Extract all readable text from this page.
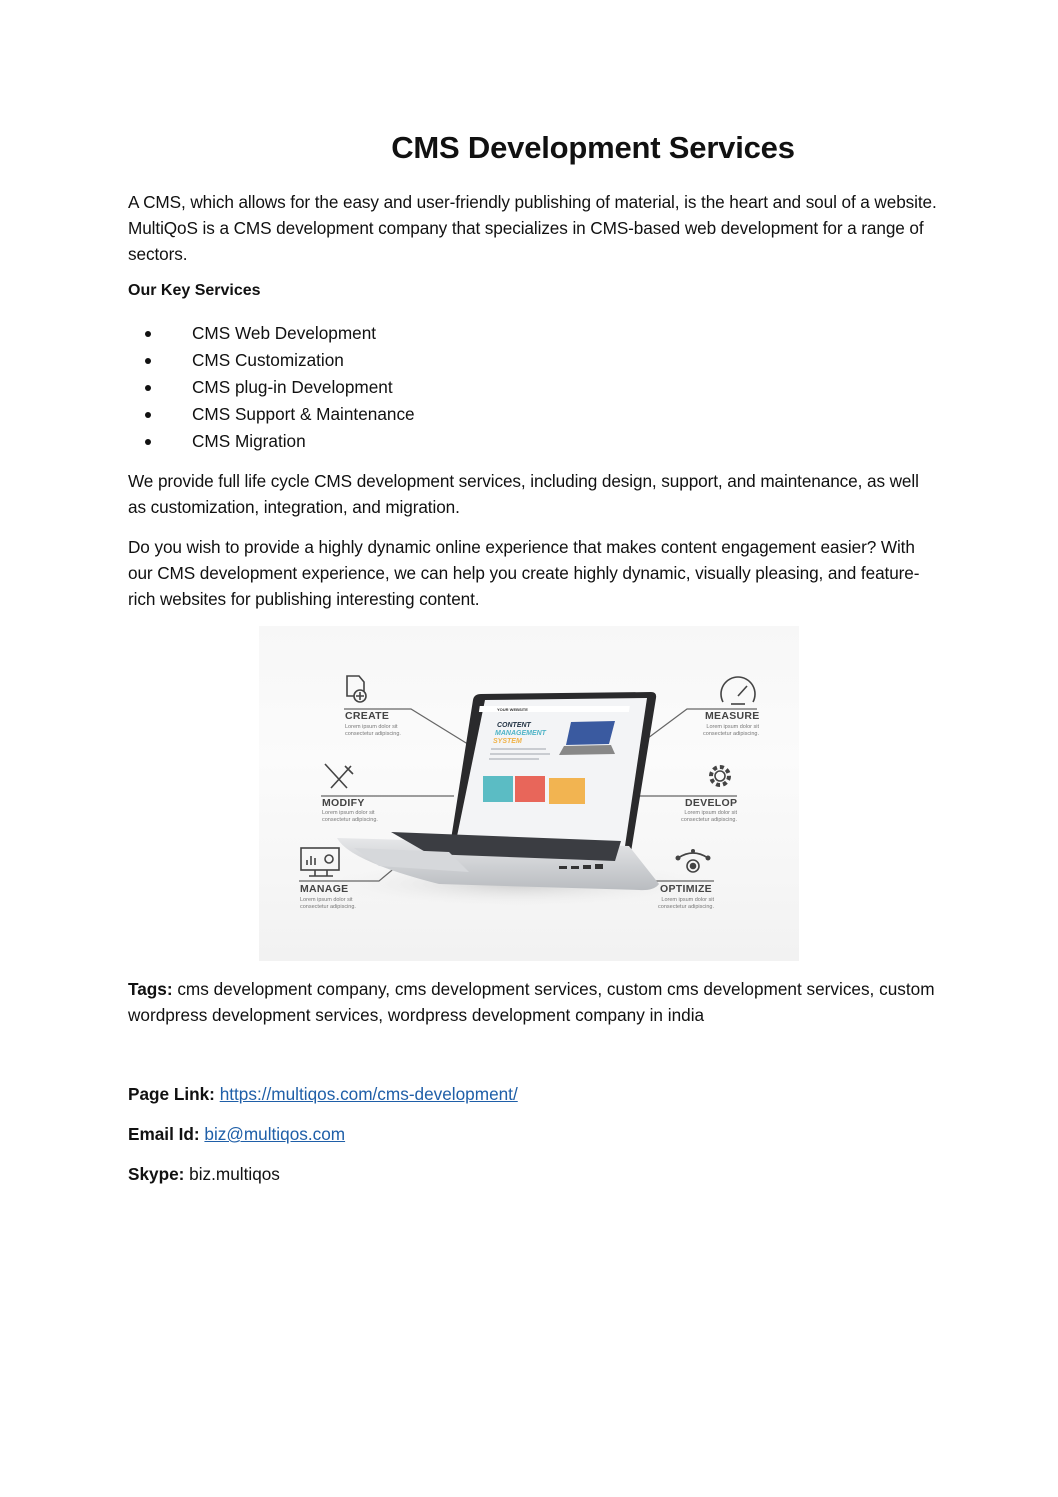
CMS Development Services

A CMS, which allows for the easy and user-friendly publishing of material, is the heart and soul of a website. MultiQoS is a CMS development company that specializes in CMS-based web development for a range of sectors.

Our Key Services

CMS Web Development
CMS Customization
CMS plug-in Development
CMS Support & Maintenance
CMS Migration

We provide full life cycle CMS development services, including design, support, and maintenance, as well as customization, integration, and migration.

Do you wish to provide a highly dynamic online experience that makes content engagement easier? With our CMS development experience, we can help you create highly dynamic, visually pleasing, and feature-rich websites for publishing interesting content.

YOUR WEBSITE
CONTENT
MANAGEMENT
SYSTEM
CREATE
Lorem ipsum dolor sit consectetur adipiscing.
MODIFY
Lorem ipsum dolor sit consectetur adipiscing.
MANAGE
Lorem ipsum dolor sit consectetur adipiscing.
MEASURE
Lorem ipsum dolor sit consectetur adipiscing.
DEVELOP
Lorem ipsum dolor sit consectetur adipiscing.
OPTIMIZE
Lorem ipsum dolor sit consectetur adipiscing.

Tags: cms development company, cms development services, custom cms development services, custom wordpress development services, wordpress development company in india

Page Link: https://multiqos.com/cms-development/

Email Id: biz@multiqos.com

Skype: biz.multiqos
